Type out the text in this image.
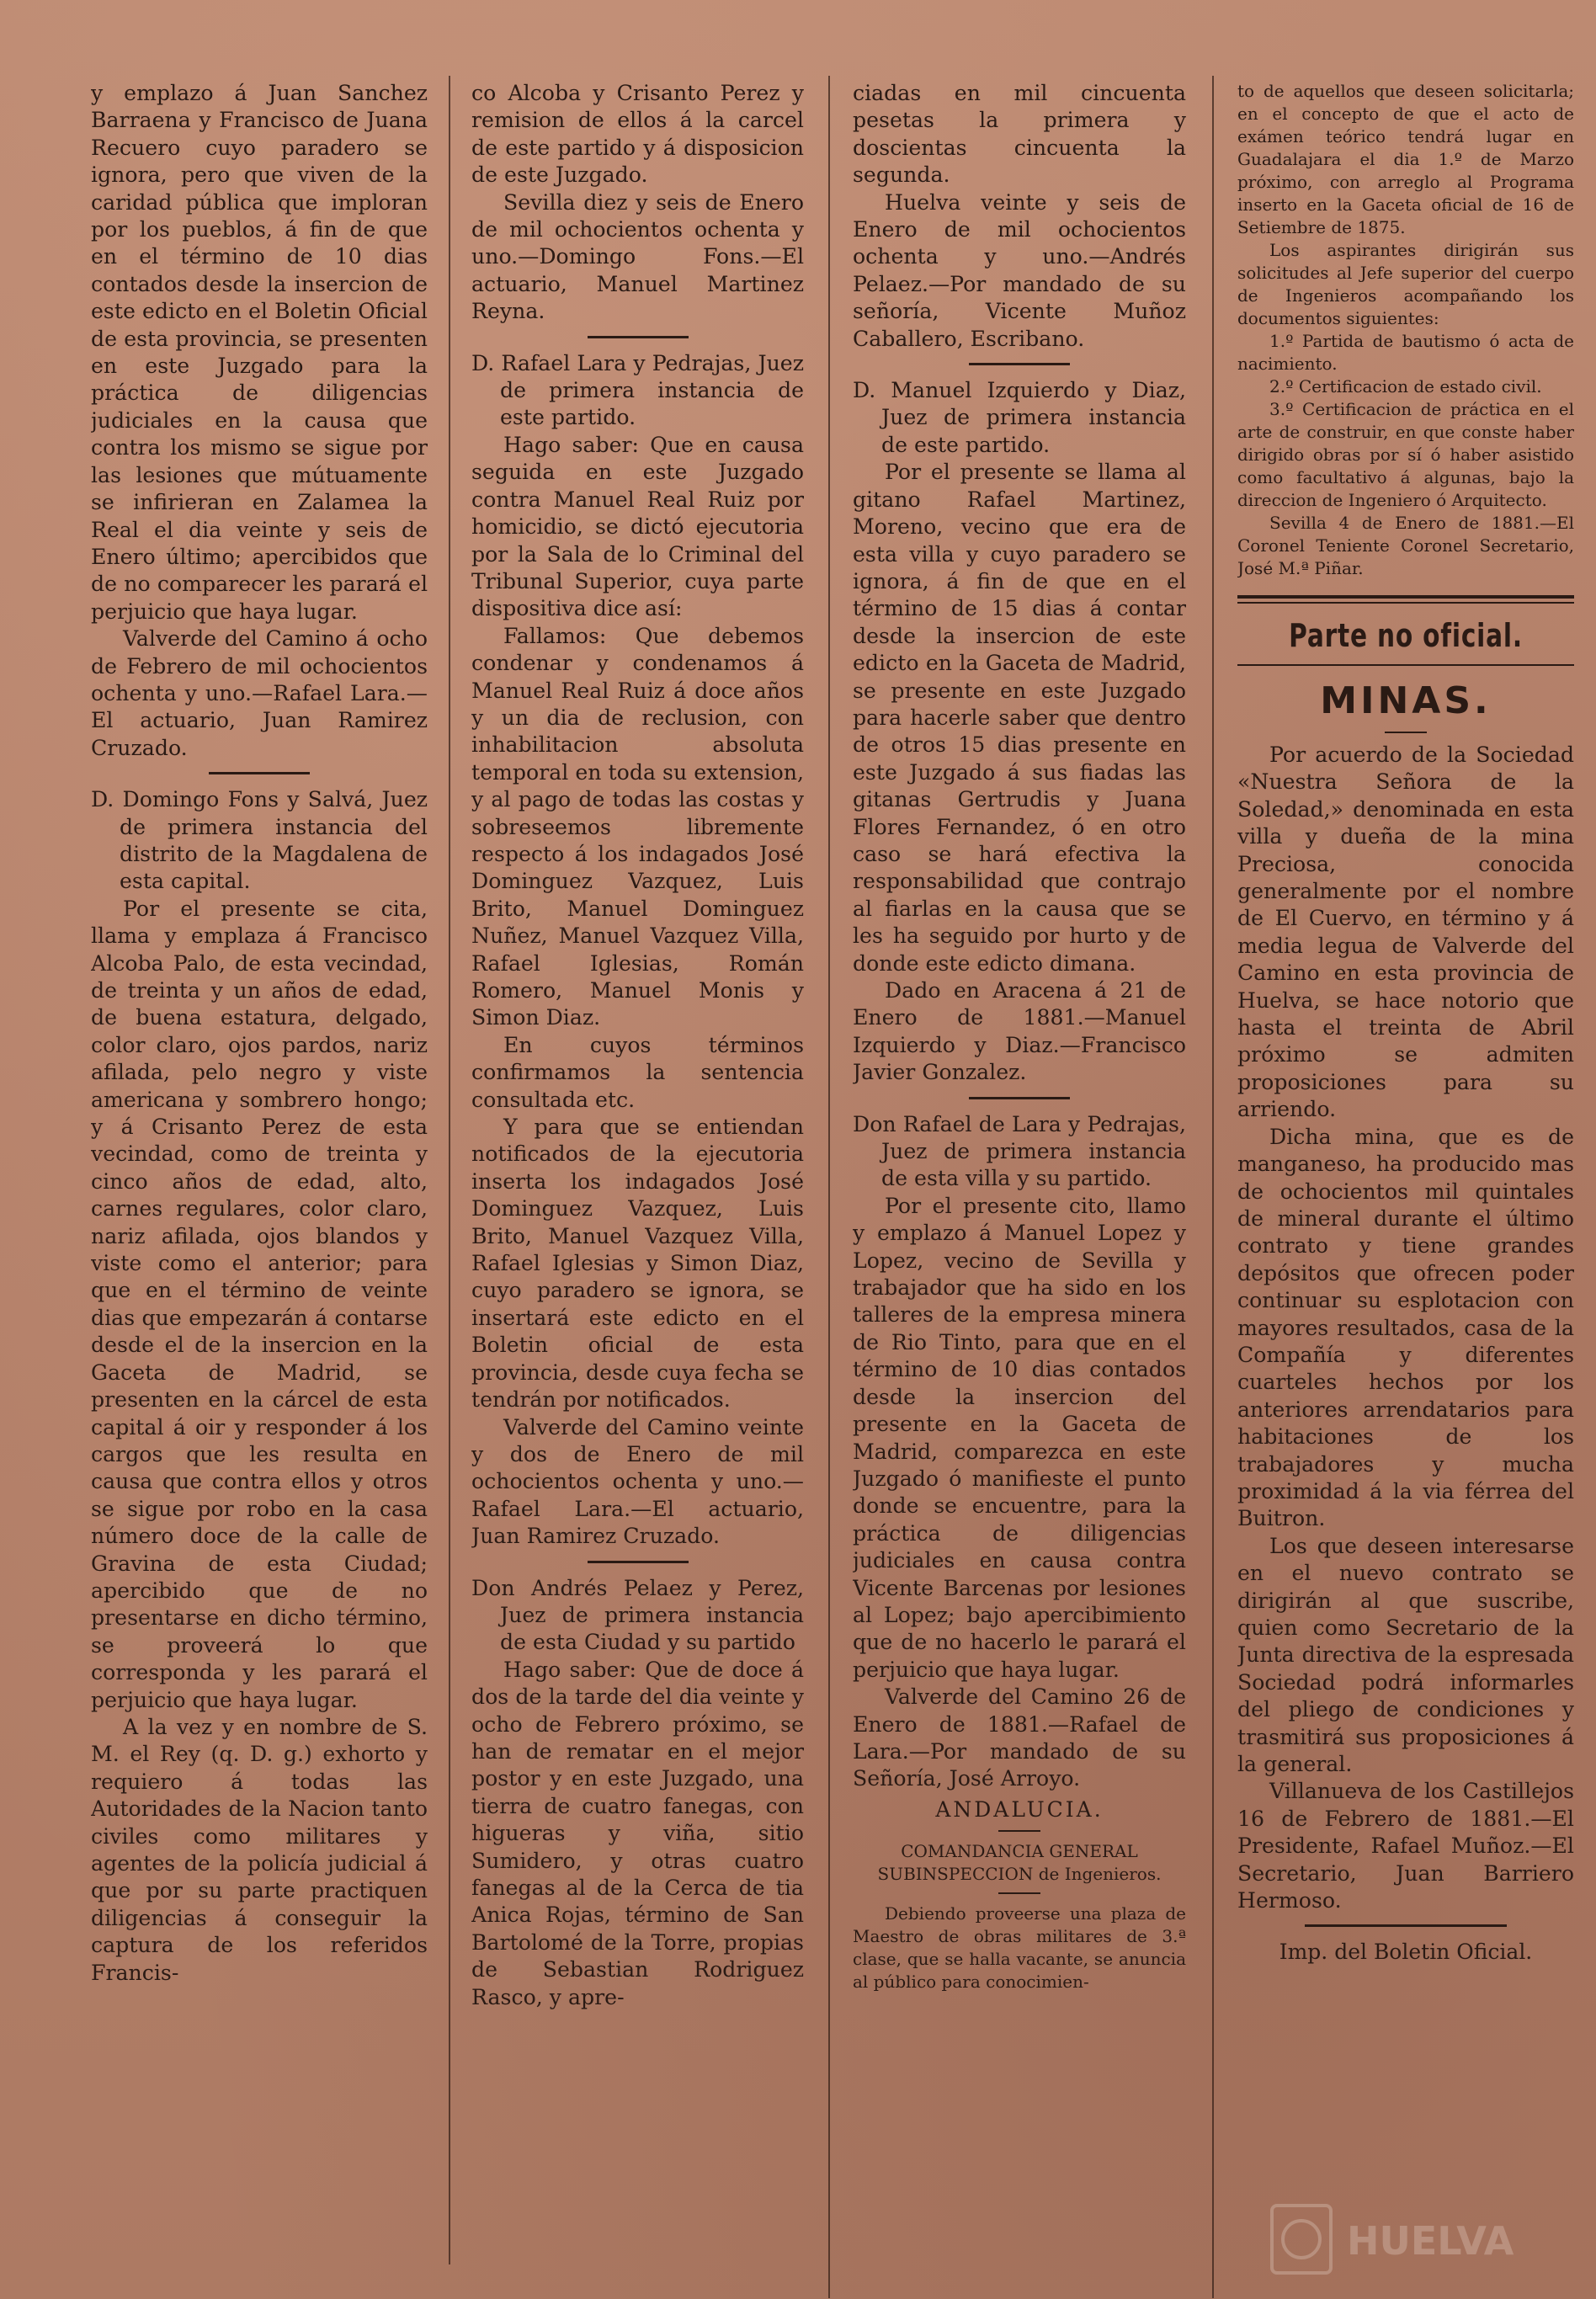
y emplazo á Juan Sanchez Barraena y Francisco de Juana Recuero cuyo paradero se ignora, pero que viven de la caridad pública que imploran por los pueblos, á fin de que en el término de 10 dias contados desde la insercion de este edicto en el Boletin Oficial de esta provincia, se presenten en este Juzgado para la práctica de diligencias judiciales en la causa que contra los mismo se sigue por las lesiones que mútuamente se infirieran en Zalamea la Real el dia veinte y seis de Enero último; apercibidos que de no comparecer les parará el perjuicio que haya lugar.

Valverde del Camino á ocho de Febrero de mil ochocientos ochenta y uno.—Rafael Lara.—El actuario, Juan Ramirez Cruzado.

D. Domingo Fons y Salvá, Juez de primera instancia del distrito de la Magdalena de esta capital.

Por el presente se cita, llama y emplaza á Francisco Alcoba Palo, de esta vecindad, de treinta y un años de edad, de buena estatura, delgado, color claro, ojos pardos, nariz afilada, pelo negro y viste americana y sombrero hongo; y á Crisanto Perez de esta vecindad, como de treinta y cinco años de edad, alto, carnes regulares, color claro, nariz afilada, ojos blandos y viste como el anterior; para que en el término de veinte dias que empezarán á contarse desde el de la insercion en la Gaceta de Madrid, se presenten en la cárcel de esta capital á oir y responder á los cargos que les resulta en causa que contra ellos y otros se sigue por robo en la casa número doce de la calle de Gravina de esta Ciudad; apercibido que de no presentarse en dicho término, se proveerá lo que corresponda y les parará el perjuicio que haya lugar.

A la vez y en nombre de S. M. el Rey (q. D. g.) exhorto y requiero á todas las Autoridades de la Nacion tanto civiles como militares y agentes de la policía judicial á que por su parte practiquen diligencias á conseguir la captura de los referidos Francis-

co Alcoba y Crisanto Perez y remision de ellos á la carcel de este partido y á disposicion de este Juzgado.

Sevilla diez y seis de Enero de mil ochocientos ochenta y uno.—Domingo Fons.—El actuario, Manuel Martinez Reyna.

D. Rafael Lara y Pedrajas, Juez de primera instancia de este partido.

Hago saber: Que en causa seguida en este Juzgado contra Manuel Real Ruiz por homicidio, se dictó ejecutoria por la Sala de lo Criminal del Tribunal Superior, cuya parte dispositiva dice así:

Fallamos: Que debemos condenar y condenamos á Manuel Real Ruiz á doce años y un dia de reclusion, con inhabilitacion absoluta temporal en toda su extension, y al pago de todas las costas y sobreseemos libremente respecto á los indagados José Dominguez Vazquez, Luis Brito, Manuel Dominguez Nuñez, Manuel Vazquez Villa, Rafael Iglesias, Román Romero, Manuel Monis y Simon Diaz.

En cuyos términos confirmamos la sentencia consultada etc.

Y para que se entiendan notificados de la ejecutoria inserta los indagados José Dominguez Vazquez, Luis Brito, Manuel Vazquez Villa, Rafael Iglesias y Simon Diaz, cuyo paradero se ignora, se insertará este edicto en el Boletin oficial de esta provincia, desde cuya fecha se tendrán por notificados.

Valverde del Camino veinte y dos de Enero de mil ochocientos ochenta y uno.—Rafael Lara.—El actuario, Juan Ramirez Cruzado.

Don Andrés Pelaez y Perez, Juez de primera instancia de esta Ciudad y su partido

Hago saber: Que de doce á dos de la tarde del dia veinte y ocho de Febrero próximo, se han de rematar en el mejor postor y en este Juzgado, una tierra de cuatro fanegas, con higueras y viña, sitio Sumidero, y otras cuatro fanegas al de la Cerca de tia Anica Rojas, término de San Bartolomé de la Torre, propias de Sebastian Rodriguez Rasco, y apre-

ciadas en mil cincuenta pesetas la primera y doscientas cincuenta la segunda.

Huelva veinte y seis de Enero de mil ochocientos ochenta y uno.—Andrés Pelaez.—Por mandado de su señoría, Vicente Muñoz Caballero, Escribano.

D. Manuel Izquierdo y Diaz, Juez de primera instancia de este partido.

Por el presente se llama al gitano Rafael Martinez, Moreno, vecino que era de esta villa y cuyo paradero se ignora, á fin de que en el término de 15 dias á contar desde la insercion de este edicto en la Gaceta de Madrid, se presente en este Juzgado para hacerle saber que dentro de otros 15 dias presente en este Juzgado á sus fiadas las gitanas Gertrudis y Juana Flores Fernandez, ó en otro caso se hará efectiva la responsabilidad que contrajo al fiarlas en la causa que se les ha seguido por hurto y de donde este edicto dimana.

Dado en Aracena á 21 de Enero de 1881.—Manuel Izquierdo y Diaz.—Francisco Javier Gonzalez.

Don Rafael de Lara y Pedrajas, Juez de primera instancia de esta villa y su partido.

Por el presente cito, llamo y emplazo á Manuel Lopez y Lopez, vecino de Sevilla y trabajador que ha sido en los talleres de la empresa minera de Rio Tinto, para que en el término de 10 dias contados desde la insercion del presente en la Gaceta de Madrid, comparezca en este Juzgado ó manifieste el punto donde se encuentre, para la práctica de diligencias judiciales en causa contra Vicente Barcenas por lesiones al Lopez; bajo apercibimiento que de no hacerlo le parará el perjuicio que haya lugar.

Valverde del Camino 26 de Enero de 1881.—Rafael de Lara.—Por mandado de su Señoría, José Arroyo.

ANDALUCIA.

COMANDANCIA GENERAL SUBINSPECCION de Ingenieros.

Debiendo proveerse una plaza de Maestro de obras militares de 3.ª clase, que se halla vacante, se anuncia al público para conocimien-

to de aquellos que deseen solicitarla; en el concepto de que el acto de exámen teórico tendrá lugar en Guadalajara el dia 1.º de Marzo próximo, con arreglo al Programa inserto en la Gaceta oficial de 16 de Setiembre de 1875.

Los aspirantes dirigirán sus solicitudes al Jefe superior del cuerpo de Ingenieros acompañando los documentos siguientes:

1.º Partida de bautismo ó acta de nacimiento.

2.º Certificacion de estado civil.

3.º Certificacion de práctica en el arte de construir, en que conste haber dirigido obras por sí ó haber asistido como facultativo á algunas, bajo la direccion de Ingeniero ó Arquitecto.

Sevilla 4 de Enero de 1881.—El Coronel Teniente Coronel Secretario, José M.ª Piñar.

Parte no oficial.
MINAS.

Por acuerdo de la Sociedad «Nuestra Señora de la Soledad,» denominada en esta villa y dueña de la mina Preciosa, conocida generalmente por el nombre de El Cuervo, en término y á media legua de Valverde del Camino en esta provincia de Huelva, se hace notorio que hasta el treinta de Abril próximo se admiten proposiciones para su arriendo.

Dicha mina, que es de manganeso, ha producido mas de ochocientos mil quintales de mineral durante el último contrato y tiene grandes depósitos que ofrecen poder continuar su esplotacion con mayores resultados, casa de la Compañía y diferentes cuarteles hechos por los anteriores arrendatarios para habitaciones de los trabajadores y mucha proximidad á la via férrea del Buitron.

Los que deseen interesarse en el nuevo contrato se dirigirán al que suscribe, quien como Secretario de la Junta directiva de la espresada Sociedad podrá informarles del pliego de condiciones y trasmitirá sus proposiciones á la general.

Villanueva de los Castillejos 16 de Febrero de 1881.—El Presidente, Rafael Muñoz.—El Secretario, Juan Barriero Hermoso.

Imp. del Boletin Oficial.

HUELVA
